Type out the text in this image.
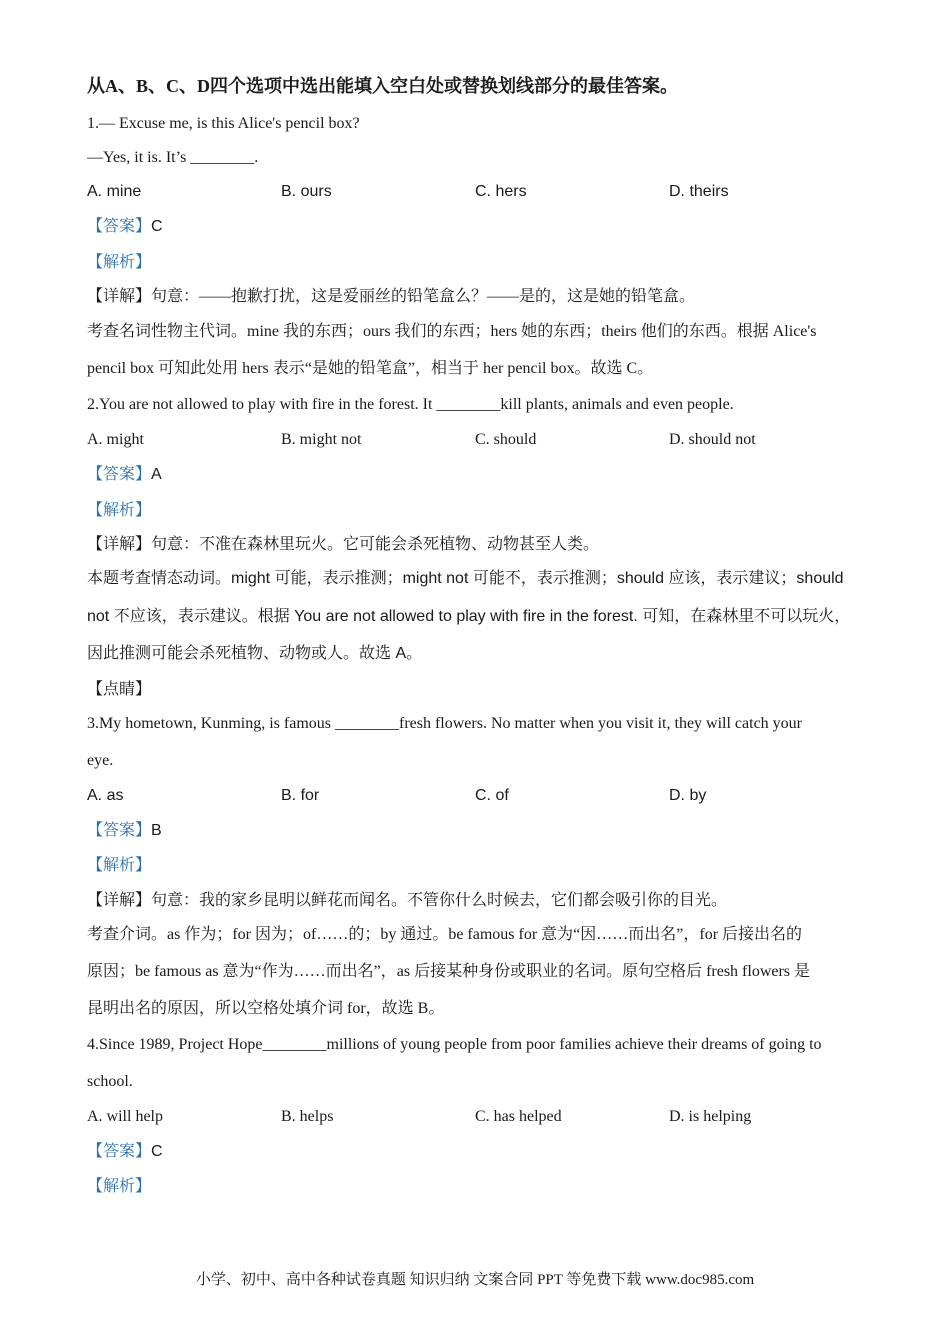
从A、B、C、D四个选项中选出能填入空白处或替换划线部分的最佳答案。
1.— Excuse me, is this Alice's pencil box?
—Yes, it is. It’s ________.
A. mine	B. ours	C. hers	D. theirs
【答案】C
【解析】
【详解】句意：——抱歉打扰，这是爱丽丝的铅笔盒么？——是的，这是她的铅笔盒。
考查名词性物主代词。mine 我的东西；ours 我们的东西；hers 她的东西；theirs 他们的东西。根据 Alice's
pencil box 可知此处用 hers 表示“是她的铅笔盒”，相当于 her pencil box。故选 C。
2.You are not allowed to play with fire in the forest. It ________kill plants, animals and even people.
A. might	B. might not	C. should	D. should not
【答案】A
【解析】
【详解】句意：不准在森林里玩火。它可能会杀死植物、动物甚至人类。
本题考查情态动词。might 可能，表示推测；might not 可能不，表示推测；should 应该，表示建议；should
not 不应该，表示建议。根据 You are not allowed to play with fire in the forest. 可知，在森林里不可以玩火，
因此推测可能会杀死植物、动物或人。故选 A。
【点睛】
3.My hometown, Kunming, is famous ________fresh flowers. No matter when you visit it, they will catch your
eye.
A. as	B. for	C. of	D. by
【答案】B
【解析】
【详解】句意：我的家乡昆明以鲜花而闻名。不管你什么时候去，它们都会吸引你的目光。
考查介词。as 作为；for 因为；of……的；by 通过。be famous for 意为“因……而出名”，for 后接出名的
原因；be famous as 意为“作为……而出名”，as 后接某种身份或职业的名词。原句空格后 fresh flowers 是
昆明出名的原因，所以空格处填介词 for，故选 B。
4.Since 1989, Project Hope________millions of young people from poor families achieve their dreams of going to
school.
A. will help	B. helps	C. has helped	D. is helping
【答案】C
【解析】
小学、初中、高中各种试卷真题 知识归纳 文案合同 PPT 等免费下载 www.doc985.com
